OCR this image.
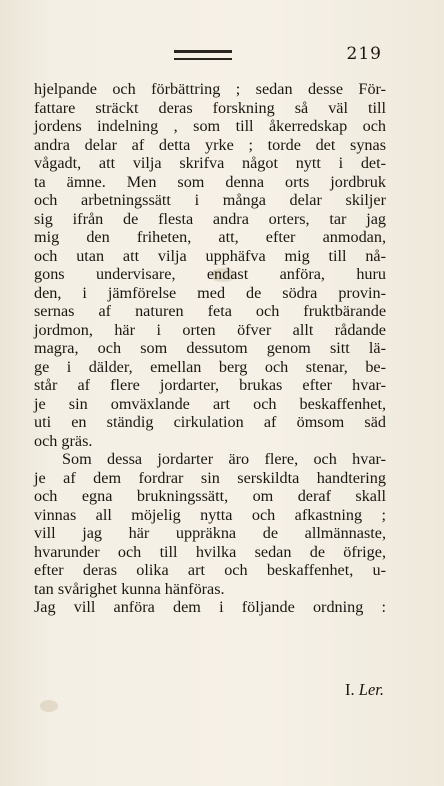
219
hjelpande och förbättring ; sedan desse För-
fattare sträckt deras forskning så väl till
jordens indelning , som till åkerredskap och
andra delar af detta yrke ; torde det synas
vågadt, att vilja skrifva något nytt i det-
ta ämne. Men som denna orts jordbruk
och arbetningssätt i många delar skiljer
sig ifrån de flesta andra orters, tar jag
mig den friheten, att, efter anmodan,
och utan att vilja upphäfva mig till nå-
gons undervisare, endast anföra, huru
den, i jämförelse med de södra provin-
sernas af naturen feta och fruktbärande
jordmon, här i orten öfver allt rådande
magra, och som dessutom genom sitt lä-
ge i dälder, emellan berg och stenar, be-
står af flere jordarter, brukas efter hvar-
je sin omväxlande art och beskaffenhet,
uti en ständig cirkulation af ömsom säd
och gräs.
Som dessa jordarter äro flere, och hvar-
je af dem fordrar sin serskildta handtering
och egna brukningssätt, om deraf skall
vinnas all möjelig nytta och afkastning ;
vill jag här uppräkna de allmännaste,
hvarunder och till hvilka sedan de öfrige,
efter deras olika art och beskaffenhet, u-
tan svårighet kunna hänföras.
Jag vill anföra dem i följande ordning :
I. Ler.
